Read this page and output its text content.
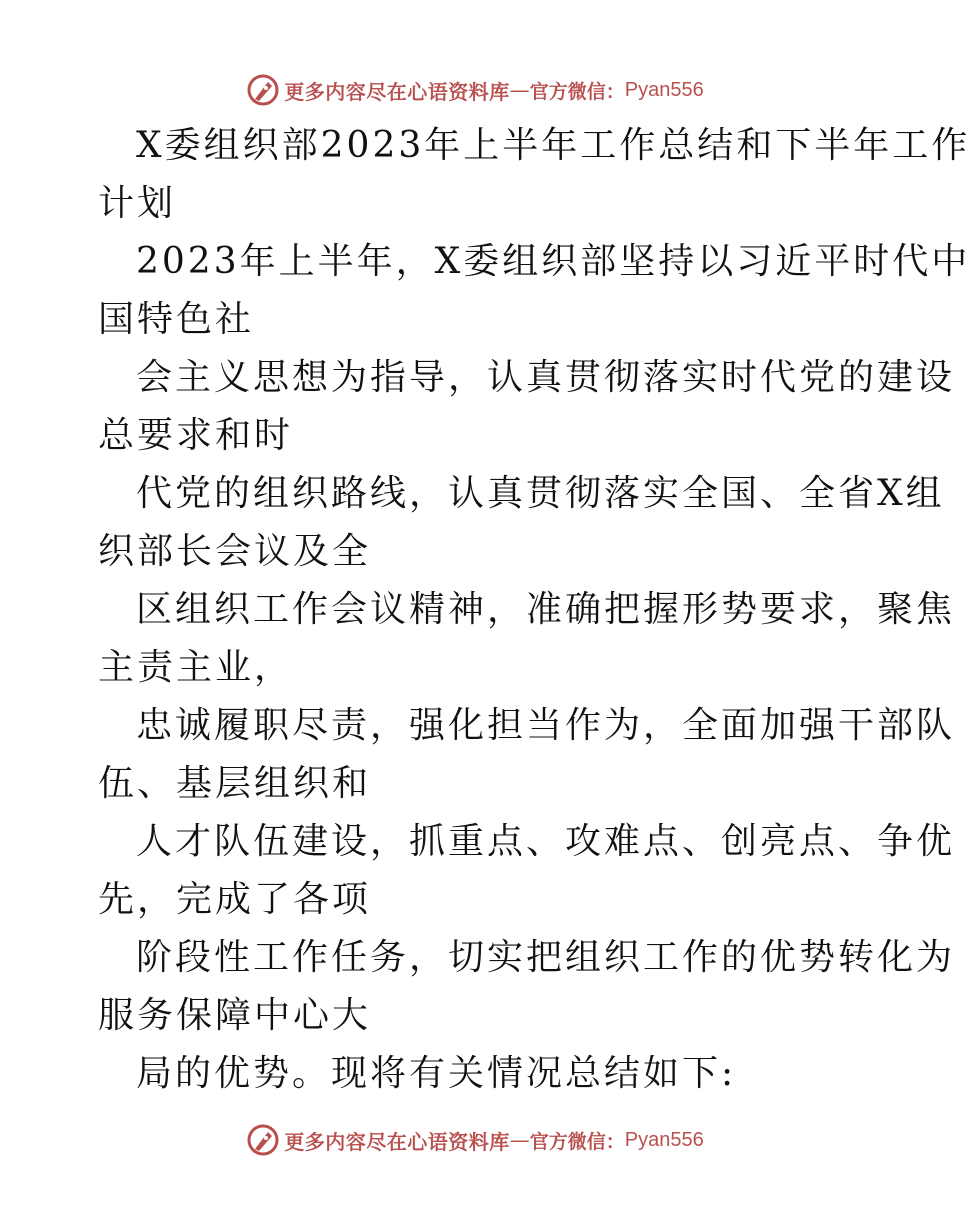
更多内容尽在心语资料库 — 官方微信： Pyan556
X委组织部2023年上半年工作总结和下半年工作
计划
2023年上半年，X委组织部坚持以习近平时代中
国特色社
会主义思想为指导，认真贯彻落实时代党的建设
总要求和时
代党的组织路线，认真贯彻落实全国、全省X组
织部长会议及全
区组织工作会议精神，准确把握形势要求，聚焦
主责主业，
忠诚履职尽责，强化担当作为，全面加强干部队
伍、基层组织和
人才队伍建设，抓重点、攻难点、创亮点、争优
先，完成了各项
阶段性工作任务，切实把组织工作的优势转化为
服务保障中心大
局的优势。现将有关情况总结如下:
更多内容尽在心语资料库 — 官方微信： Pyan556
